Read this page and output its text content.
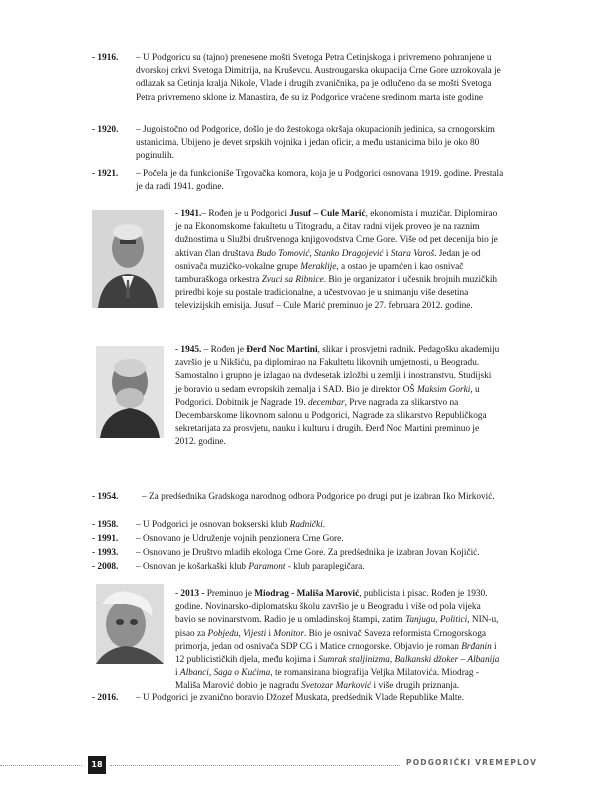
- 1916. – U Podgoricu su (tajno) prenesene mošti Svetoga Petra Cetinjskoga i privremeno pohranjene u dvorskoj crkvi Svetoga Dimitrija, na Kruševcu. Austrougarska okupacija Crne Gore uzrokovala je odlazak sa Cetinja kralja Nikole, Vlade i drugih zvaničnika, pa je odlučeno da se mošti Svetoga Petra privremeno sklone iz Manastira, đe su iz Podgorice vraćene sredinom marta iste godine
- 1920. – Jugoistočno od Podgorice, došlo je do žestokoga okršaja okupacionih jedinica, sa crnogorskim ustanicima. Ubijeno je devet srpskih vojnika i jedan oficir, a među ustanicima bilo je oko 80 poginulih.
- 1921. – Počela je da funkcioniše Trgovačka komora, koja je u Podgorici osnovana 1919. godine. Prestala je da radi 1941. godine.
- 1941.– Rođen je u Podgorici Jusuf – Cule Marić, ekonomista i muzičar. Diplomirao je na Ekonomskome fakultetu u Titogradu, a čitav radni vijek proveo je na raznim dužnostima u Službi društvenoga knjigovodstva Crne Gore. Više od pet decenija bio je aktivan član društava Budo Tomović, Stanko Dragojević i Stara Varoš. Jedan je od osnivača muzičko-vokalne grupe Meraklije, a ostao je upamćen i kao osnivač tamburaškoga orkestra Zvuci sa Ribnice. Bio je organizator i učesnik brojnih muzičkih priredbi koje su postale tradicionalne, a učestvovao je u snimanju više desetina televizijskih emisija. Jusuf – Cule Marić preminuo je 27. februara 2012. godine.
- 1945. – Rođen je Đerđ Noc Martini, slikar i prosvjetni radnik. Pedagošku akademiju završio je u Nikšiću, pa diplomirao na Fakultetu likovnih umjetnosti, u Beogradu. Samostalno i grupno je izlagao na dvdesetak izložbi u zemlji i inostranstvu. Studijski je boravio u sedam evropskih zemalja i SAD. Bio je direktor OŠ Maksim Gorki, u Podgorici. Dobitnik je Nagrade 19. decembar, Prve nagrada za slikarstvo na Decembarskome likovnom salonu u Podgorici, Nagrade za slikarstvo Republičkoga sekretarijata za prosvjetu, nauku i kulturu i drugih. Đerđ Noc Martini preminuo je 2012. godine.
- 1954.	– Za predśednika Gradskoga narodnog odbora Podgorice po drugi put je izabran Iko Mirković.
- 1958. – U Podgorici je osnovan bokserski klub Radnički.
- 1991. – Osnovano je Udruženje vojnih penzionera Crne Gore.
- 1993. – Osnovano je Društvo mladih ekologa Crne Gore. Za predśednika je izabran Jovan Kojičić.
- 2008. – Osnovan je košarkaški klub Paramont - klub paraplegičara.
- 2013 - Preminuo je Miodrag - Mališa Marović, publicista i pisac. Rođen je 1930. godine. Novinarsko-diplomatsku školu završio je u Beogradu i više od pola vijeka bavio se novinarstvom. Radio je u omladinskoj štampi, zatim Tanjugu, Politici, NIN-u, pisao za Pobjedu, Vijesti i Monitor. Bio je osnivač Saveza reformista Crnogorskoga primorja, jedan od osnivača SDP CG i Matice crnogorske. Objavio je roman Brđanin i 12 publicističkih djela, među kojima i Sumrak staljinizma, Balkanski džoker – Albanija i Albanci, Saga o Kućima, te romansirana biografija Veljka Milatovića. Miodrag - Mališa Marović dobio je nagradu Svetozar Marković i više drugih priznanja.
- 2016. – U Podgorici je zvanično boravio Džozef Muskata, predśednik Vlade Republike Malte.
18	PODGORIČKI VREMEPLOV
